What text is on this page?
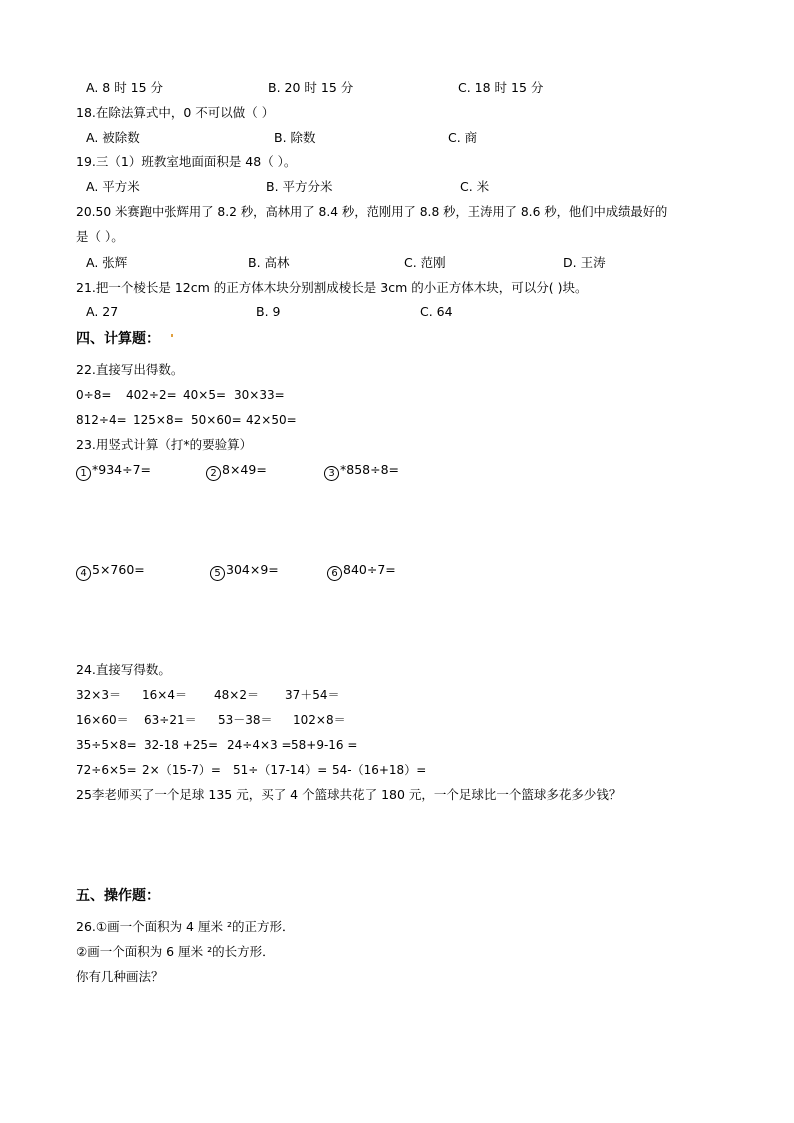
A. 8 时 15 分	B. 20 时 15 分	C. 18 时 15 分
18.在除法算式中，0 不可以做（ ）
A. 被除数	B. 除数	C. 商
19.三（1）班教室地面面积是 48（ ）。
A. 平方米	B. 平方分米	C. 米
20.50 米赛跑中张辉用了 8.2 秒，高林用了 8.4 秒，范刚用了 8.8 秒，王涛用了 8.6 秒，他们中成绩最好的
是（ ）。
A. 张辉	B. 高林	C. 范刚	D. 王涛
21.把一个棱长是 12cm 的正方体木块分别割成棱长是 3cm 的小正方体木块，可以分( )块。
A. 27	B. 9	C. 64
四、计算题：
22.直接写出得数。
0÷8= 402÷2= 40×5= 30×33=
812÷4= 125×8= 50×60= 42×50=
23.用竖式计算（打*的要验算）
1 *934÷7=	2 8×49=	3 *858÷8=
4 5×760=	5 304×9=	6 840÷7=
24.直接写得数。
32×3＝ 16×4＝ 48×2＝ 37＋54＝
16×60＝ 63÷21＝ 53－38＝ 102×8＝
35÷5×8= 32-18 +25= 24÷4×3 =58+9-16 =
72÷6×5= 2×（15-7）= 51÷（17-14）= 54-（16+18）=
25李老师买了一个足球 135 元，买了 4 个篮球共花了 180 元，一个足球比一个篮球多花多少钱？
五、操作题：
26.①画一个面积为 4 厘米 ²的正方形．
②画一个面积为 6 厘米 ²的长方形．
你有几种画法？
